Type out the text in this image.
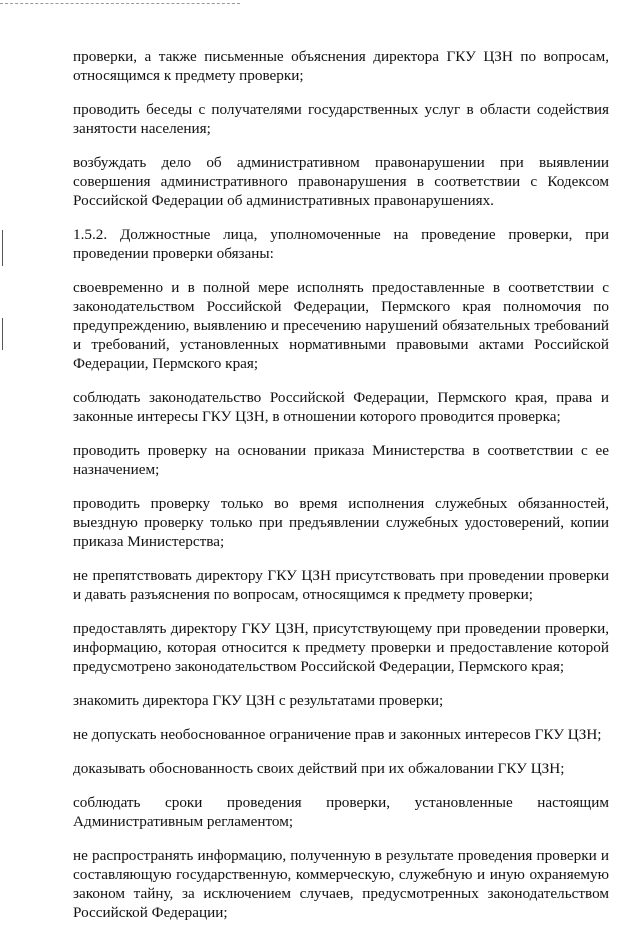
проверки, а также письменные объяснения директора ГКУ ЦЗН по вопросам, относящимся к предмету проверки;

проводить беседы с получателями государственных услуг в области содействия занятости населения;

возбуждать дело об административном правонарушении при выявлении совершения административного правонарушения в соответствии с Кодексом Российской Федерации об административных правонарушениях.

1.5.2. Должностные лица, уполномоченные на проведение проверки, при проведении проверки обязаны:

своевременно и в полной мере исполнять предоставленные в соответствии с законодательством Российской Федерации, Пермского края полномочия по предупреждению, выявлению и пресечению нарушений обязательных требований и требований, установленных нормативными правовыми актами Российской Федерации, Пермского края;

соблюдать законодательство Российской Федерации, Пермского края, права и законные интересы ГКУ ЦЗН, в отношении которого проводится проверка;

проводить проверку на основании приказа Министерства в соответствии с ее назначением;

проводить проверку только во время исполнения служебных обязанностей, выездную проверку только при предъявлении служебных удостоверений, копии приказа Министерства;

не препятствовать директору ГКУ ЦЗН присутствовать при проведении проверки и давать разъяснения по вопросам, относящимся к предмету проверки;

предоставлять директору ГКУ ЦЗН, присутствующему при проведении проверки, информацию, которая относится к предмету проверки и предоставление которой предусмотрено законодательством Российской Федерации, Пермского края;

знакомить директора ГКУ ЦЗН с результатами проверки;

не допускать необоснованное ограничение прав и законных интересов ГКУ ЦЗН;

доказывать обоснованность своих действий при их обжаловании ГКУ ЦЗН;

соблюдать сроки проведения проверки, установленные настоящим Административным регламентом;

не распространять информацию, полученную в результате проведения проверки и составляющую государственную, коммерческую, служебную и иную охраняемую законом тайну, за исключением случаев, предусмотренных законодательством Российской Федерации;
